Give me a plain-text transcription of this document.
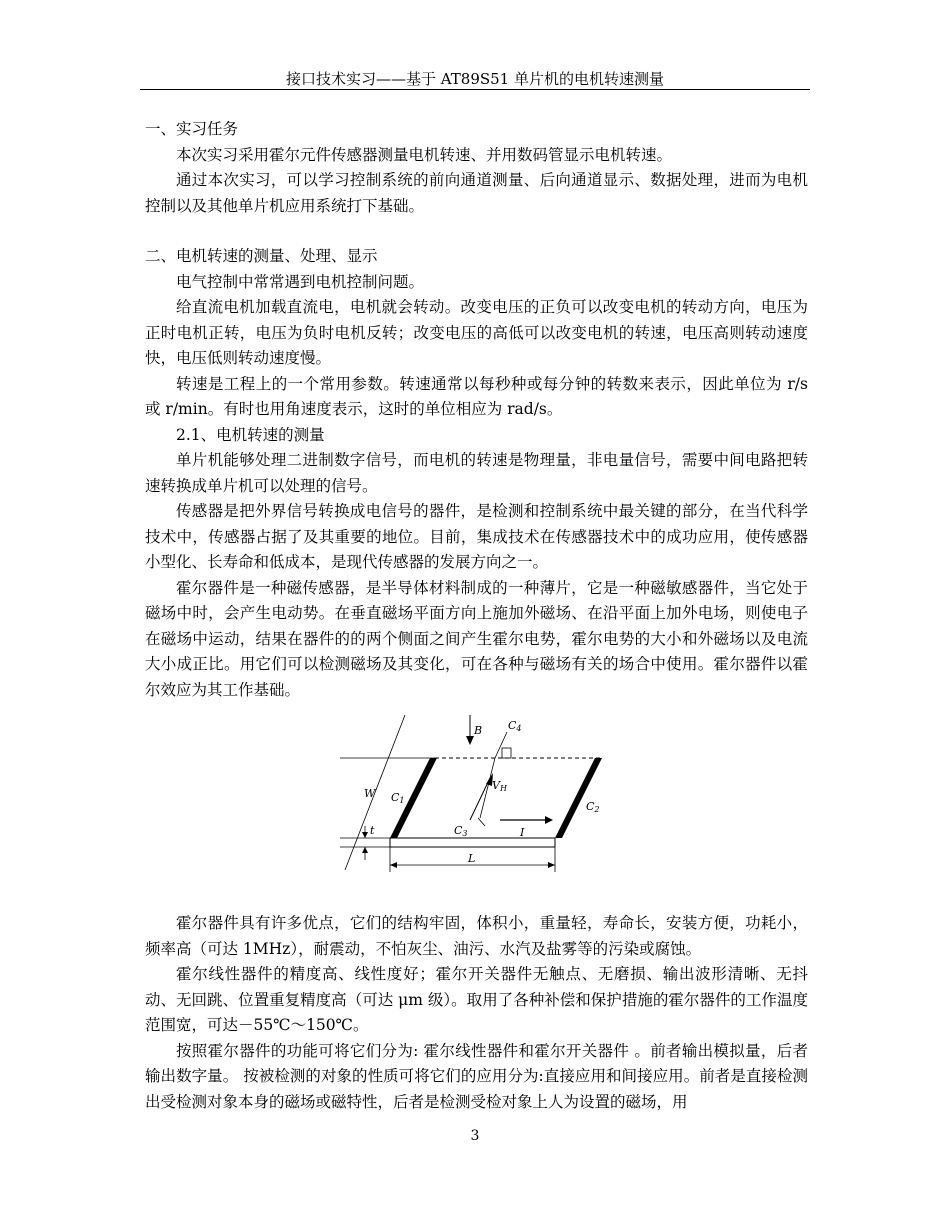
接口技术实习——基于 AT89S51 单片机的电机转速测量

一、实习任务

本次实习采用霍尔元件传感器测量电机转速、并用数码管显示电机转速。

通过本次实习，可以学习控制系统的前向通道测量、后向通道显示、数据处理，进而为电机控制以及其他单片机应用系统打下基础。

二、电机转速的测量、处理、显示

电气控制中常常遇到电机控制问题。

给直流电机加载直流电，电机就会转动。改变电压的正负可以改变电机的转动方向，电压为正时电机正转，电压为负时电机反转；改变电压的高低可以改变电机的转速，电压高则转动速度快，电压低则转动速度慢。

转速是工程上的一个常用参数。转速通常以每秒种或每分钟的转数来表示，因此单位为 r/s 或 r/min。有时也用角速度表示，这时的单位相应为 rad/s。

2.1、电机转速的测量

单片机能够处理二进制数字信号，而电机的转速是物理量，非电量信号，需要中间电路把转速转换成单片机可以处理的信号。

传感器是把外界信号转换成电信号的器件，是检测和控制系统中最关键的部分，在当代科学技术中，传感器占据了及其重要的地位。目前，集成技术在传感器技术中的成功应用，使传感器小型化、长寿命和低成本，是现代传感器的发展方向之一。

霍尔器件是一种磁传感器，是半导体材料制成的一种薄片，它是一种磁敏感器件，当它处于磁场中时，会产生电动势。在垂直磁场平面方向上施加外磁场、在沿平面上加外电场，则使电子在磁场中运动，结果在器件的的两个侧面之间产生霍尔电势，霍尔电势的大小和外磁场以及电流大小成正比。用它们可以检测磁场及其变化，可在各种与磁场有关的场合中使用。霍尔器件以霍尔效应为其工作基础。

B C4
VH
W C1	C2
C3	I
t
L

霍尔器件具有许多优点，它们的结构牢固，体积小，重量轻，寿命长，安装方便，功耗小，频率高（可达 1MHz），耐震动，不怕灰尘、油污、水汽及盐雾等的污染或腐蚀。

霍尔线性器件的精度高、线性度好；霍尔开关器件无触点、无磨损、输出波形清晰、无抖动、无回跳、位置重复精度高（可达 μm 级）。取用了各种补偿和保护措施的霍尔器件的工作温度范围宽，可达－55℃～150℃。

按照霍尔器件的功能可将它们分为: 霍尔线性器件和霍尔开关器件 。前者输出模拟量，后者输出数字量。 按被检测的对象的性质可将它们的应用分为:直接应用和间接应用。前者是直接检测出受检测对象本身的磁场或磁特性，后者是检测受检对象上人为设置的磁场，用

3
